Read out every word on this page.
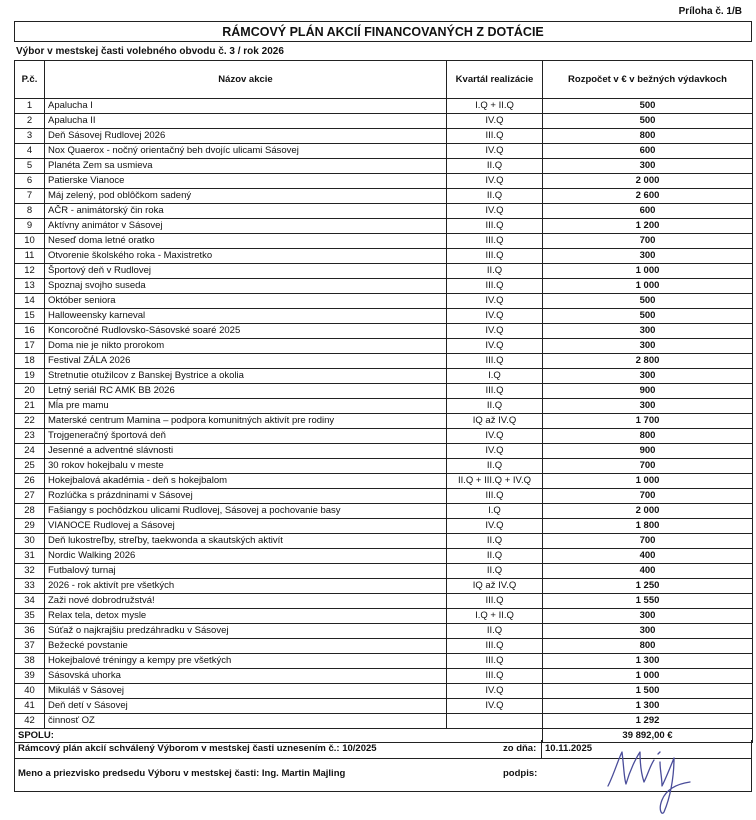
Príloha č. 1/B
RÁMCOVÝ PLÁN AKCIÍ FINANCOVANÝCH Z DOTÁCIE
Výbor v mestskej časti volebného obvodu č. 3 / rok 2026
P.č.	Názov akcie	Kvartál realizácie	Rozpočet v € v bežných výdavkoch
1	Apalucha I	I.Q + II.Q	500
2	Apalucha II	IV.Q	500
3	Deň Sásovej Rudlovej 2026	III.Q	800
4	Nox Quaerox - nočný orientačný beh dvojíc ulicami Sásovej	IV.Q	600
5	Planéta Zem sa usmieva	II.Q	300
6	Patierske Vianoce	IV.Q	2 000
7	Máj zelený, pod oblôčkom sadený	II.Q	2 600
8	AČR - animátorský čin roka	IV.Q	600
9	Aktívny animátor v Sásovej	III.Q	1 200
10	Neseď doma letné oratko	III.Q	700
11	Otvorenie školského roka - Maxistretko	III.Q	300
12	Športový deň v Rudlovej	II.Q	1 000
13	Spoznaj svojho suseda	III.Q	1 000
14	Október seniora	IV.Q	500
15	Halloweensky karneval	IV.Q	500
16	Koncoročné Rudlovsko-Sásovské soaré 2025	IV.Q	300
17	Doma nie je nikto prorokom	IV.Q	300
18	Festival ZÁLA 2026	III.Q	2 800
19	Stretnutie otužilcov z Banskej Bystrice a okolia	I.Q	300
20	Letný seriál RC AMK BB 2026	III.Q	900
21	Mĺa pre mamu	II.Q	300
22	Materské centrum Mamina – podpora komunitných aktivít pre rodiny	IQ až IV.Q	1 700
23	Trojgeneračný športová deň	IV.Q	800
24	Jesenné a adventné slávnosti	IV.Q	900
25	30 rokov hokejbalu v meste	II.Q	700
26	Hokejbalová akadémia - deň s hokejbalom	II.Q + III.Q + IV.Q	1 000
27	Rozlúčka s prázdninami v Sásovej	III.Q	700
28	Fašiangy s pochôdzkou ulicami Rudlovej, Sásovej a pochovanie basy	I.Q	2 000
29	VIANOCE Rudlovej a Sásovej	IV.Q	1 800
30	Deň lukostreľby, streľby, taekwonda a skautských aktivít	II.Q	700
31	Nordic Walking 2026	II.Q	400
32	Futbalový turnaj	II.Q	400
33	2026 - rok aktivít pre všetkých	IQ až IV.Q	1 250
34	Zaži nové dobrodružstvá!	III.Q	1 550
35	Relax tela, detox mysle	I.Q + II.Q	300
36	Súťaž o najkrajšiu predzáhradku v Sásovej	II.Q	300
37	Bežecké povstanie	III.Q	800
38	Hokejbalové tréningy a kempy pre všetkých	III.Q	1 300
39	Sásovská uhorka	III.Q	1 000
40	Mikuláš v Sásovej	IV.Q	1 500
41	Deň detí v Sásovej	IV.Q	1 300
42	činnosť OZ		1 292
SPOLU:			39 892,00 €
Rámcový plán akcií schválený Výborom v mestskej časti uznesením č.: 10/2025	zo dňa: 10.11.2025
Meno a priezvisko predsedu Výboru v mestskej časti: Ing. Martin Majling	podpis:
